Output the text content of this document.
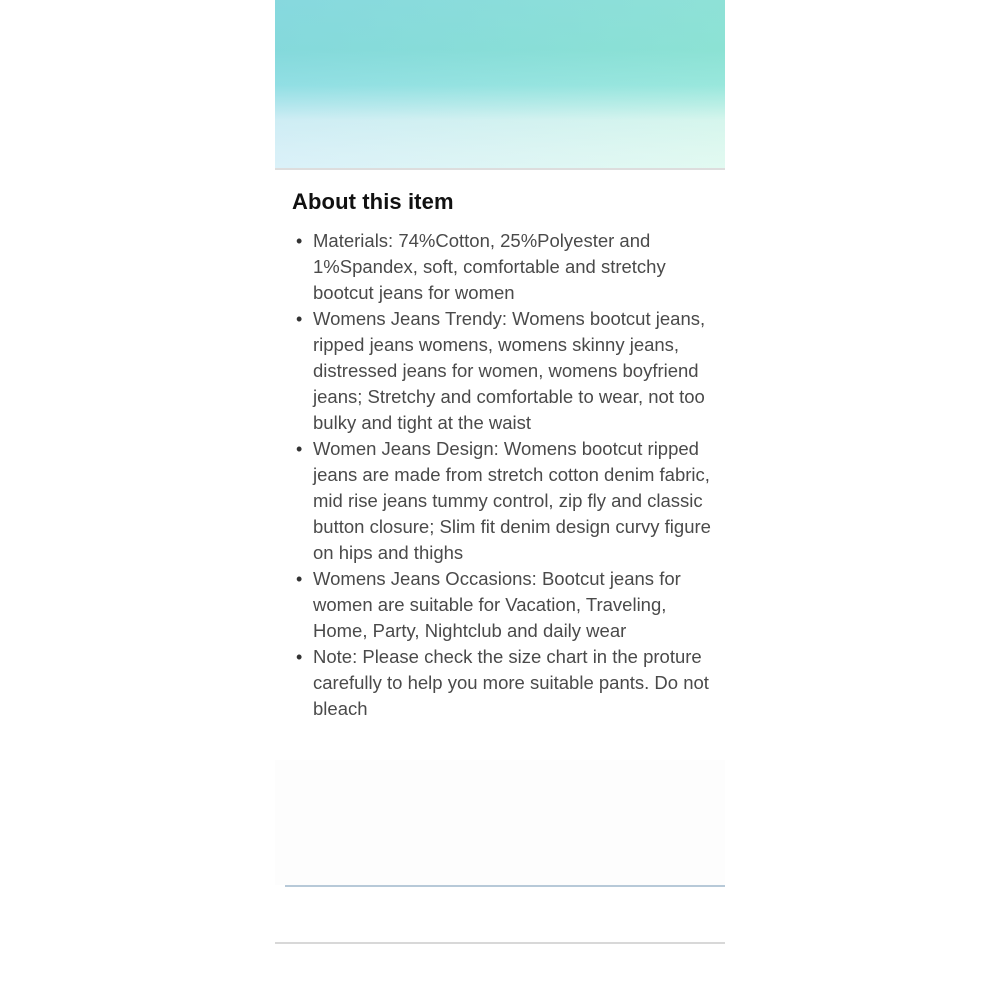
About this item
• Materials: 74%Cotton, 25%Polyester and 1%Spandex, soft, comfortable and stretchy bootcut jeans for women
• Womens Jeans Trendy: Womens bootcut jeans, ripped jeans womens, womens skinny jeans, distressed jeans for women, womens boyfriend jeans; Stretchy and comfortable to wear, not too bulky and tight at the waist
• Women Jeans Design: Womens bootcut ripped jeans are made from stretch cotton denim fabric, mid rise jeans tummy control, zip fly and classic button closure; Slim fit denim design curvy figure on hips and thighs
• Womens Jeans Occasions: Bootcut jeans for women are suitable for Vacation, Traveling, Home, Party, Nightclub and daily wear
• Note: Please check the size chart in the proture carefully to help you more suitable pants. Do not bleach
